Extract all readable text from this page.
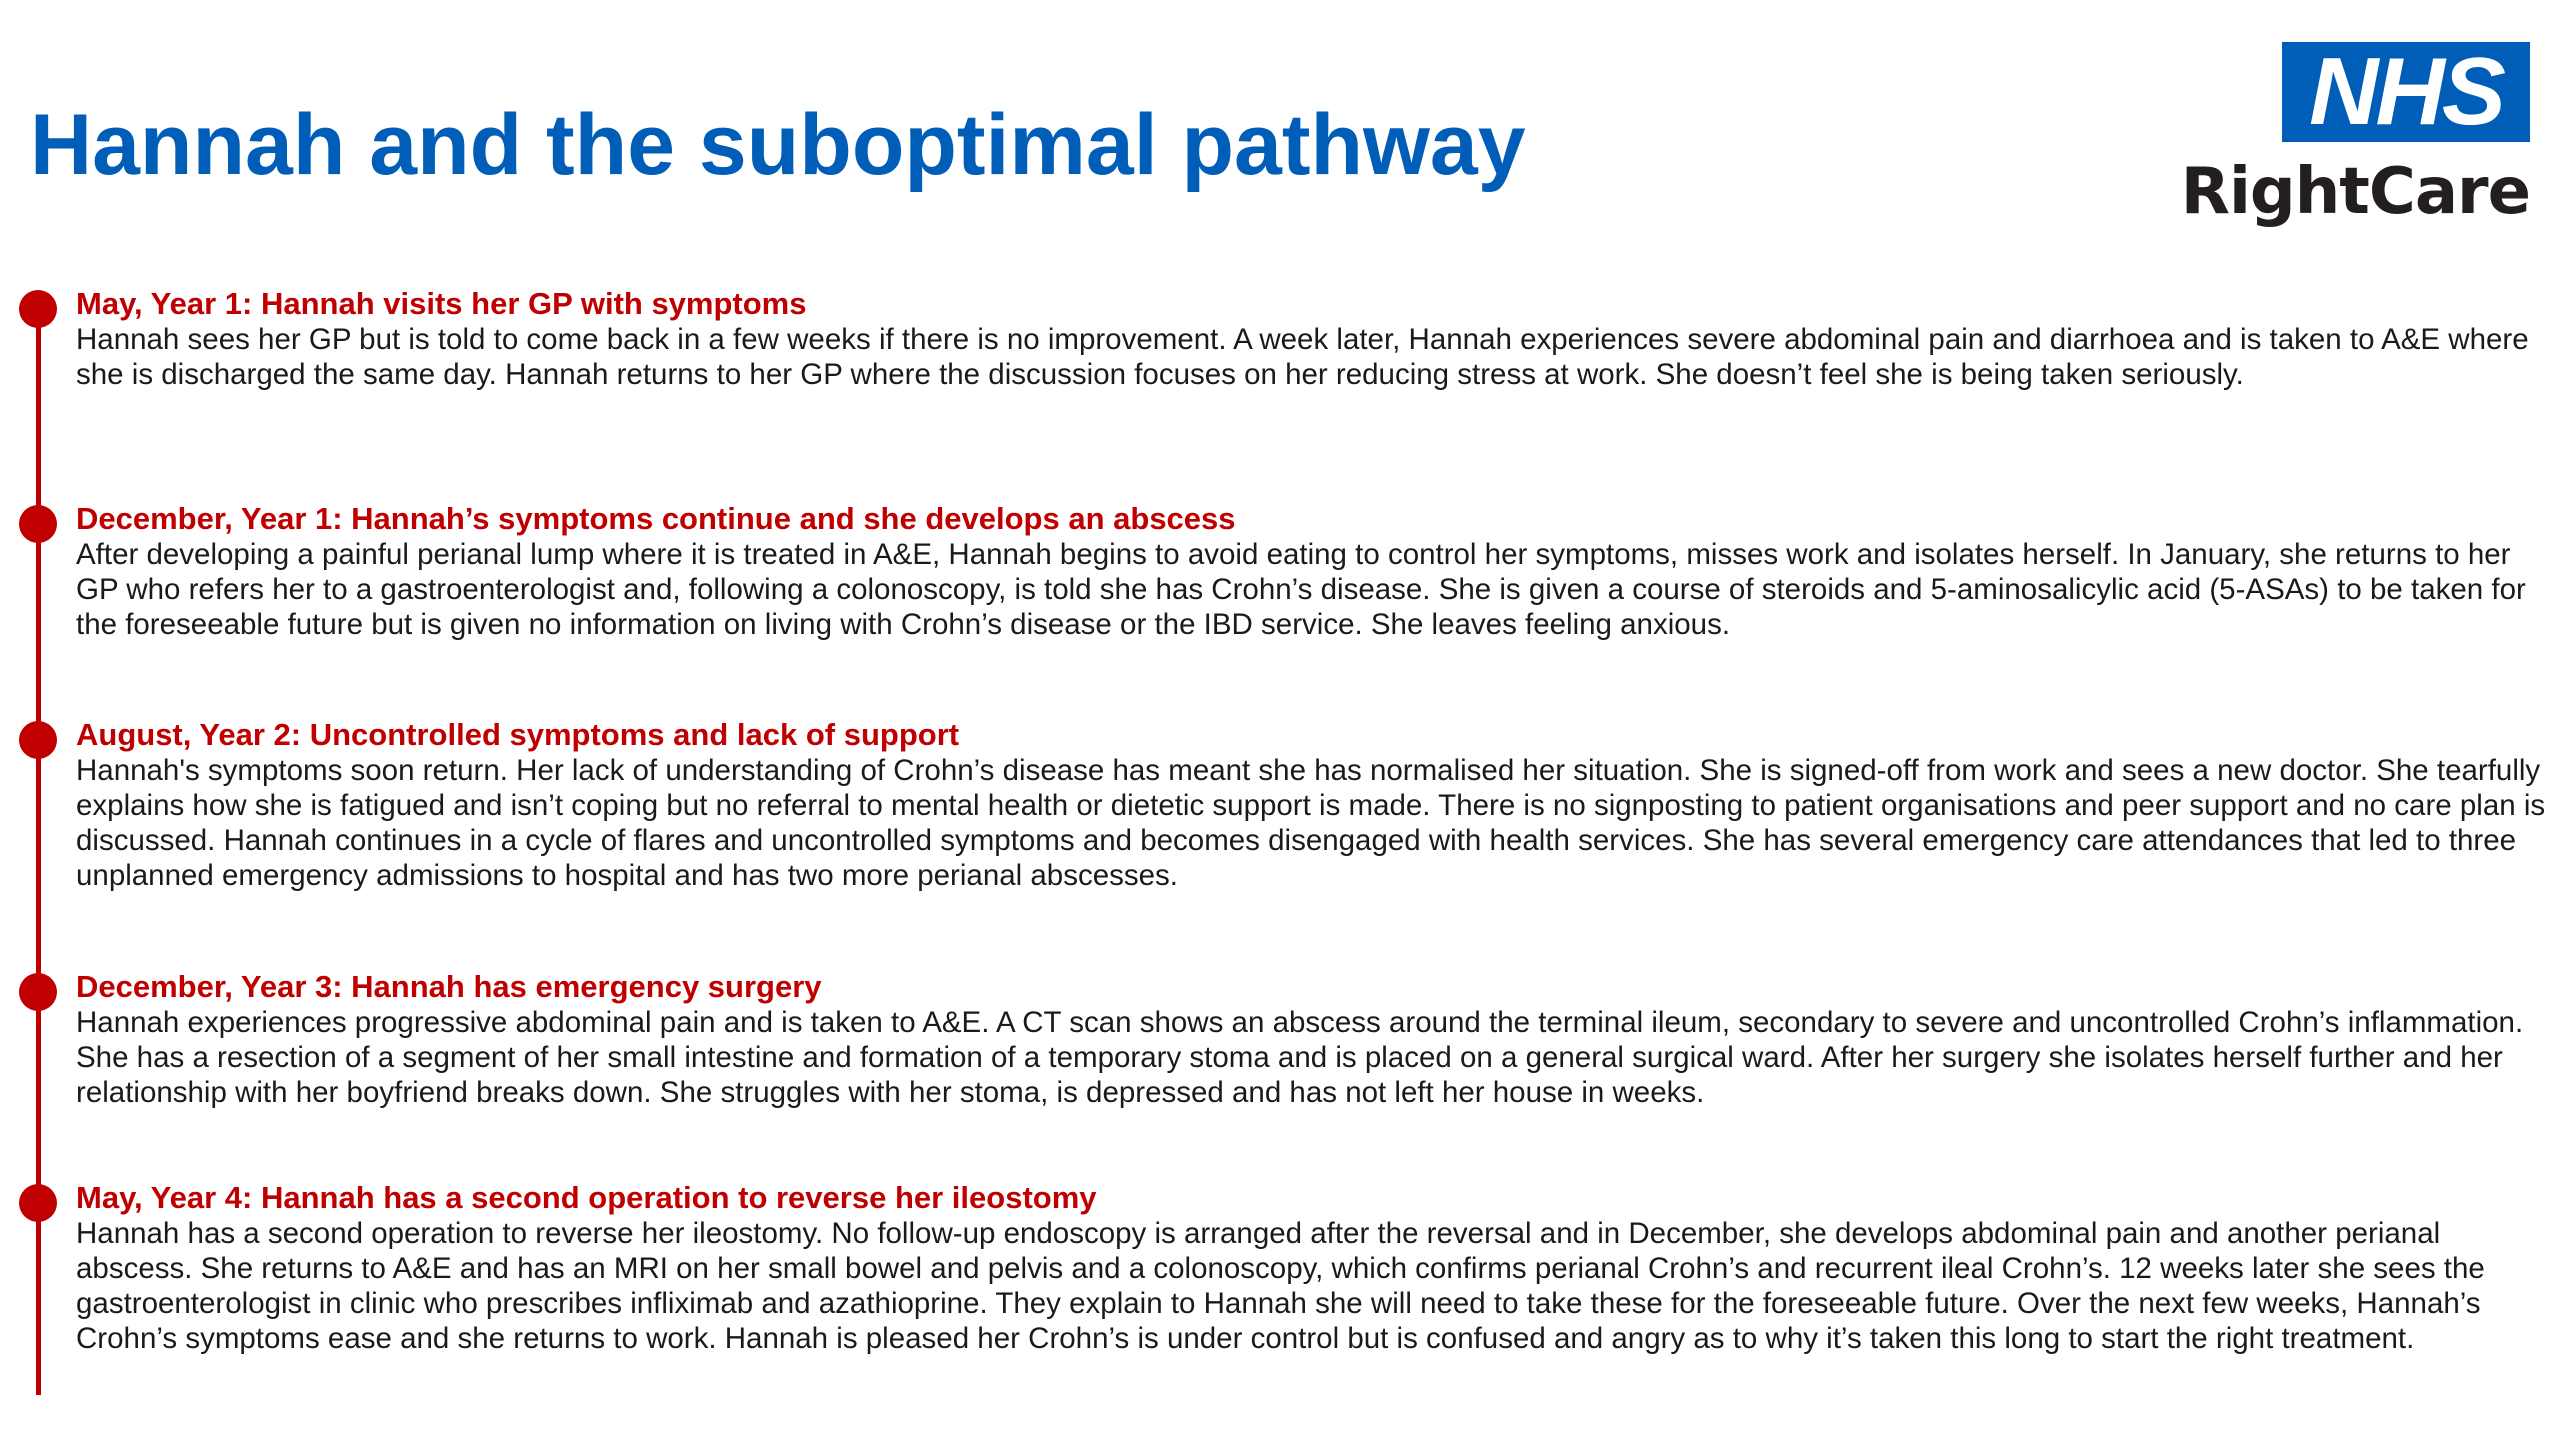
Hannah and the suboptimal pathway	NHS
RightCare
May, Year 1: Hannah visits her GP with symptoms

Hannah sees her GP but is told to come back in a few weeks if there is no improvement. A week later, Hannah experiences severe abdominal pain and diarrhoea and is taken to A&E where she is discharged the same day. Hannah returns to her GP where the discussion focuses on her reducing stress at work. She doesn’t feel she is being taken seriously.

December, Year 1: Hannah’s symptoms continue and she develops an abscess

After developing a painful perianal lump where it is treated in A&E, Hannah begins to avoid eating to control her symptoms, misses work and isolates herself. In January, she returns to her GP who refers her to a gastroenterologist and, following a colonoscopy, is told she has Crohn’s disease. She is given a course of steroids and 5-aminosalicylic acid (5-ASAs) to be taken for the foreseeable future but is given no information on living with Crohn’s disease or the IBD service. She leaves feeling anxious.

August, Year 2: Uncontrolled symptoms and lack of support

Hannah's symptoms soon return. Her lack of understanding of Crohn’s disease has meant she has normalised her situation. She is signed-off from work and sees a new doctor. She tearfully explains how she is fatigued and isn’t coping but no referral to mental health or dietetic support is made. There is no signposting to patient organisations and peer support and no care plan is discussed. Hannah continues in a cycle of flares and uncontrolled symptoms and becomes disengaged with health services. She has several emergency care attendances that led to three unplanned emergency admissions to hospital and has two more perianal abscesses.

December, Year 3: Hannah has emergency surgery

Hannah experiences progressive abdominal pain and is taken to A&E. A CT scan shows an abscess around the terminal ileum, secondary to severe and uncontrolled Crohn’s inflammation. She has a resection of a segment of her small intestine and formation of a temporary stoma and is placed on a general surgical ward. After her surgery she isolates herself further and her relationship with her boyfriend breaks down. She struggles with her stoma, is depressed and has not left her house in weeks.

May, Year 4: Hannah has a second operation to reverse her ileostomy

Hannah has a second operation to reverse her ileostomy. No follow-up endoscopy is arranged after the reversal and in December, she develops abdominal pain and another perianal abscess. She returns to A&E and has an MRI on her small bowel and pelvis and a colonoscopy, which confirms perianal Crohn’s and recurrent ileal Crohn’s. 12 weeks later she sees the gastroenterologist in clinic who prescribes infliximab and azathioprine. They explain to Hannah she will need to take these for the foreseeable future. Over the next few weeks, Hannah’s Crohn’s symptoms ease and she returns to work. Hannah is pleased her Crohn’s is under control but is confused and angry as to why it’s taken this long to start the right treatment.
